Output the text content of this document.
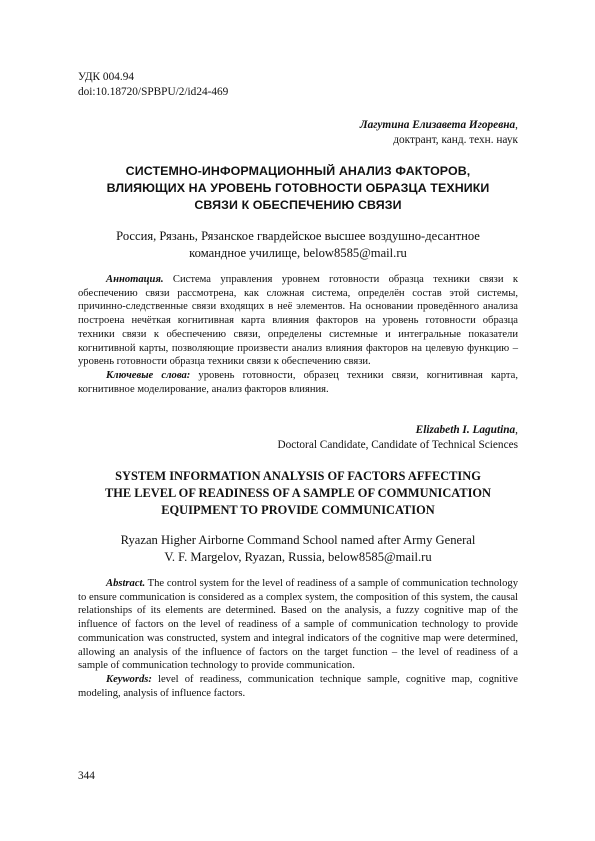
УДК 004.94
doi:10.18720/SPBPU/2/id24-469
Лагутина Елизавета Игоревна,
доктрант, канд. техн. наук
СИСТЕМНО-ИНФОРМАЦИОННЫЙ АНАЛИЗ ФАКТОРОВ,
ВЛИЯЮЩИХ НА УРОВЕНЬ ГОТОВНОСТИ ОБРАЗЦА ТЕХНИКИ
СВЯЗИ К ОБЕСПЕЧЕНИЮ СВЯЗИ
Россия, Рязань, Рязанское гвардейское высшее воздушно-десантное
командное училище, below8585@mail.ru
Аннотация. Система управления уровнем готовности образца техники связи к обеспечению связи рассмотрена, как сложная система, определён состав этой системы, причинно-следственные связи входящих в неё элементов. На основании проведённого анализа построена нечёткая когнитивная карта влияния факторов на уровень готовности образца техники связи к обеспечению связи, определены системные и интегральные показатели когнитивной карты, позволяющие произвести анализ влияния факторов на целевую функцию – уровень готовности образца техники связи к обеспечению связи.
Ключевые слова: уровень готовности, образец техники связи, когнитивная карта, когнитивное моделирование, анализ факторов влияния.
Elizabeth I. Lagutina,
Doctoral Candidate, Candidate of Technical Sciences
SYSTEM INFORMATION ANALYSIS OF FACTORS AFFECTING
THE LEVEL OF READINESS OF A SAMPLE OF COMMUNICATION
EQUIPMENT TO PROVIDE COMMUNICATION
Ryazan Higher Airborne Command School named after Army General
V. F. Margelov, Ryazan, Russia, below8585@mail.ru
Abstract. The control system for the level of readiness of a sample of communication technology to ensure communication is considered as a complex system, the composition of this system, the causal relationships of its elements are determined. Based on the analysis, a fuzzy cognitive map of the influence of factors on the level of readiness of a sample of communication technology to provide communication was constructed, system and integral indicators of the cognitive map were determined, allowing an analysis of the influence of factors on the target function – the level of readiness of a sample of communication technology to provide communication.
Keywords: level of readiness, communication technique sample, cognitive map, cognitive modeling, analysis of influence factors.
344
